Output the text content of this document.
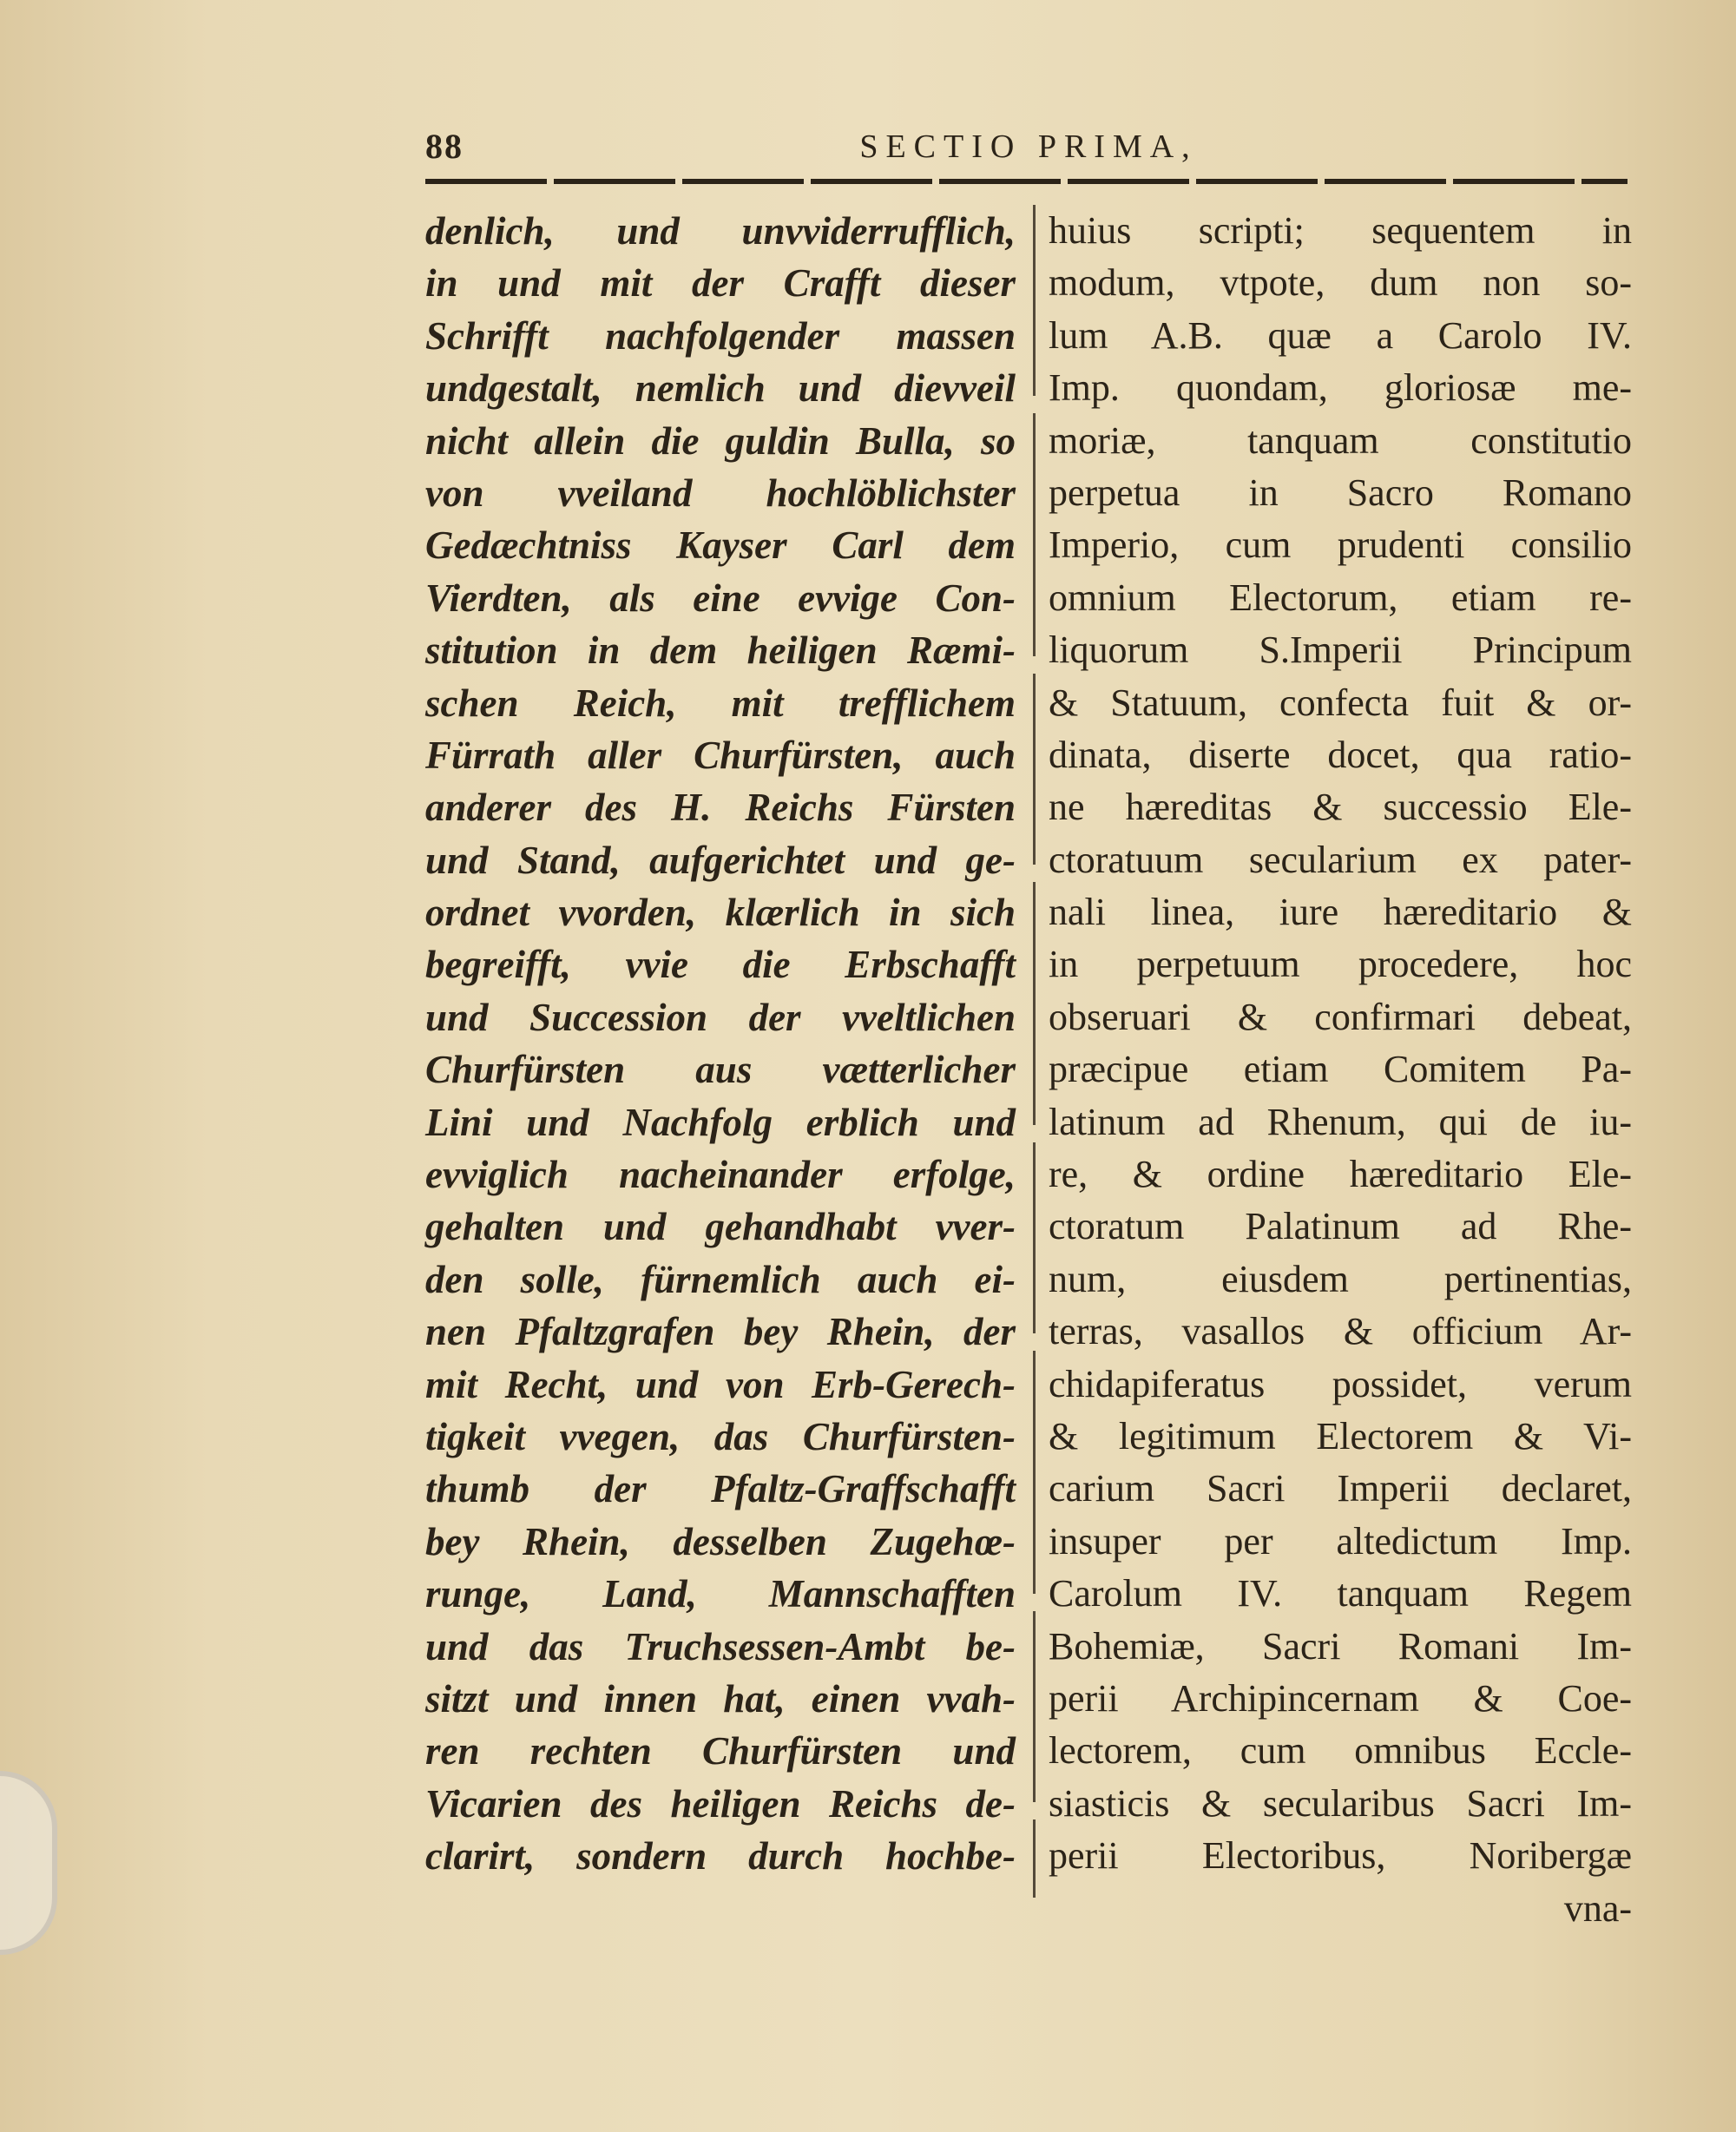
88	SECTIO PRIMA,
denlich, und unvviderrufflich,
in und mit der Crafft dieser
Schrifft nachfolgender massen
undgestalt, nemlich und dievveil
nicht allein die guldin Bulla, so
von vveiland hochlöblichster
Gedæchtniss Kayser Carl dem
Vierdten, als eine evvige Con-
stitution in dem heiligen Ræmi-
schen Reich, mit trefflichem
Fürrath aller Churfürsten, auch
anderer des H. Reichs Fürsten
und Stand, aufgerichtet und ge-
ordnet vvorden, klærlich in sich
begreifft, vvie die Erbschafft
und Succession der vveltlichen
Churfürsten aus vætterlicher
Lini und Nachfolg erblich und
evviglich nacheinander erfolge,
gehalten und gehandhabt vver-
den solle, fürnemlich auch ei-
nen Pfaltzgrafen bey Rhein, der
mit Recht, und von Erb-Gerech-
tigkeit vvegen, das Churfürsten-
thumb der Pfaltz-Graffschafft
bey Rhein, desselben Zugehœ-
runge, Land, Mannschafften
und das Truchsessen-Ambt be-
sitzt und innen hat, einen vvah-
ren rechten Churfürsten und
Vicarien des heiligen Reichs de-
clarirt, sondern durch hochbe-
huius scripti; sequentem in
modum, vtpote, dum non so-
lum A.B. quæ a Carolo IV.
Imp. quondam, gloriosæ me-
moriæ, tanquam constitutio
perpetua in Sacro Romano
Imperio, cum prudenti consilio
omnium Electorum, etiam re-
liquorum S.Imperii Principum
& Statuum, confecta fuit & or-
dinata, diserte docet, qua ratio-
ne hæreditas & successio Ele-
ctoratuum secularium ex pater-
nali linea, iure hæreditario &
in perpetuum procedere, hoc
obseruari & confirmari debeat,
præcipue etiam Comitem Pa-
latinum ad Rhenum, qui de iu-
re, & ordine hæreditario Ele-
ctoratum Palatinum ad Rhe-
num, eiusdem pertinentias,
terras, vasallos & officium Ar-
chidapiferatus possidet, verum
& legitimum Electorem & Vi-
carium Sacri Imperii declaret,
insuper per altedictum Imp.
Carolum IV. tanquam Regem
Bohemiæ, Sacri Romani Im-
perii Archipincernam & Coe-
lectorem, cum omnibus Eccle-
siasticis & secularibus Sacri Im-
perii Electoribus, Noribergæ
vna-
